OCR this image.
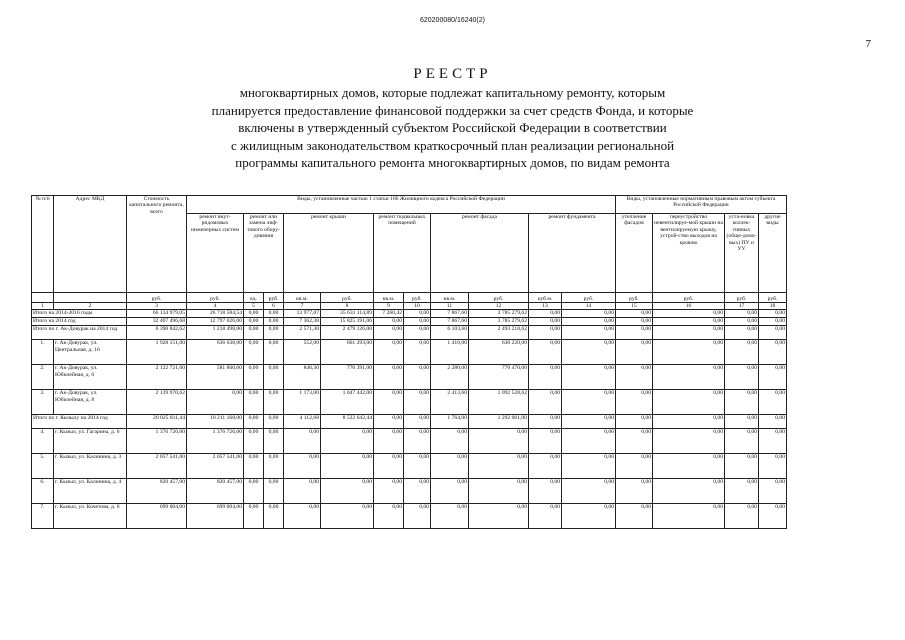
620200080/16240(2)
7
РЕЕСТР
многоквартирных домов, которые подлежат капитальному ремонту, которым
планируется предоставление финансовой поддержки за счет средств Фонда, и которые
включены в утвержденный субъектом Российской Федерации в соответствии
с жилищным законодательством краткосрочный план реализации региональной
программы капитального ремонта многоквартирных домов, по видам ремонта
№ п/п	Адрес МКД	Стоимость капитального ремонта, всего	Виды, установленные частью 1 статьи 166 Жилищного кодекса Российской Федерации											Виды, установленные нормативным правовым актом субъекта Российской Федерации			
			ремонт внут-ридомовых инженерных систем	ремонт или замена лиф-тового обору-дования		ремонт крыши		ремонт подвальных помещений		ремонт фасада		ремонт фундамента		утепление фасадов	переустройство невентилируе-мой крыши на вентилируемую крышу, устрой-ство выходов на кровлю	уста-новка коллек-тивных (обще-домо-вых) ПУ и УУ	другие виды
		руб.	руб.	ед.	руб.	кв.м.	руб.	кв.м.	руб.	кв.м.	руб.	куб.м.	руб.	руб.	руб.	руб.	руб.
1	2	3	4	5	6	7	8	9	10	11	12	13	14	15	16	17	18
Итого на 2014-2016 годы		66 134 979,05	26 718 584,54	0,00	0,00	13 977,07	35 631 114,89	7 260,42	0,00	7 867,60	3 785 279,62	0,00	0,00	0,00	0,00	0,00	0,00
Итого на 2014 год		32 407 496,68	12 797 026,00	0,00	0,00	7 362,38	15 825 191,06	0,00	0,00	7 867,60	3 785 279,62	0,00	0,00	0,00	0,00	0,00	0,00
Итого по г. Ак-Довурак на 2014 год		6 390 842,62	1 218 498,00	0,00	0,00	2 571,30	2 479 126,00	0,00	0,00	6 103,60	2 493 218,62	0,00	0,00	0,00	0,00	0,00	0,00
1.	г. Ак-Довурак, ул. Центральная, д. 16	1 928 151,00	636 638,00	0,00	0,00	552,00	661 293,00	0,00	0,00	1 410,00	630 220,00	0,00	0,00	0,00	0,00	0,00	0,00
2.	г. Ак-Довурак, ул. Юбилейная, д. 6	2 122 721,00	581 860,00	0,00	0,00	846,30	770 391,00	0,00	0,00	2 280,00	770 470,00	0,00	0,00	0,00	0,00	0,00	0,00
3.	г. Ак-Довурак, ул. Юбилейная, д. 8	2 139 970,62	0,00	0,00	0,00	1 173,00	1 047 442,00	0,00	0,00	2 413,60	1 092 528,62	0,00	0,00	0,00	0,00	0,00	0,00
Итого по г. Кызылу на 2014 год		20 025 811,44	10 211 168,00	0,00	0,00	4 112,68	8 522 642,44	0,00	0,00	1 764,00	1 292 061,00	0,00	0,00	0,00	0,00	0,00	0,00
4.	г. Кызыл, ул. Гагарина, д. 6	1 376 726,00	1 376 726,00	0,00	0,00	0,00	0,00	0,00	0,00	0,00	0,00	0,00	0,00	0,00	0,00	0,00	0,00
5.	г. Кызыл, ул. Калинина, д. 3	2 057 541,00	2 057 541,00	0,00	0,00	0,00	0,00	0,00	0,00	0,00	0,00	0,00	0,00	0,00	0,00	0,00	0,00
6.	г. Кызыл, ул. Калинина, д. 4	820 457,00	820 457,00	0,00	0,00	0,00	0,00	0,00	0,00	0,00	0,00	0,00	0,00	0,00	0,00	0,00	0,00
7.	г. Кызыл, ул. Кочетова, д. 6	699 004,00	699 004,00	0,00	0,00	0,00	0,00	0,00	0,00	0,00	0,00	0,00	0,00	0,00	0,00	0,00	0,00
